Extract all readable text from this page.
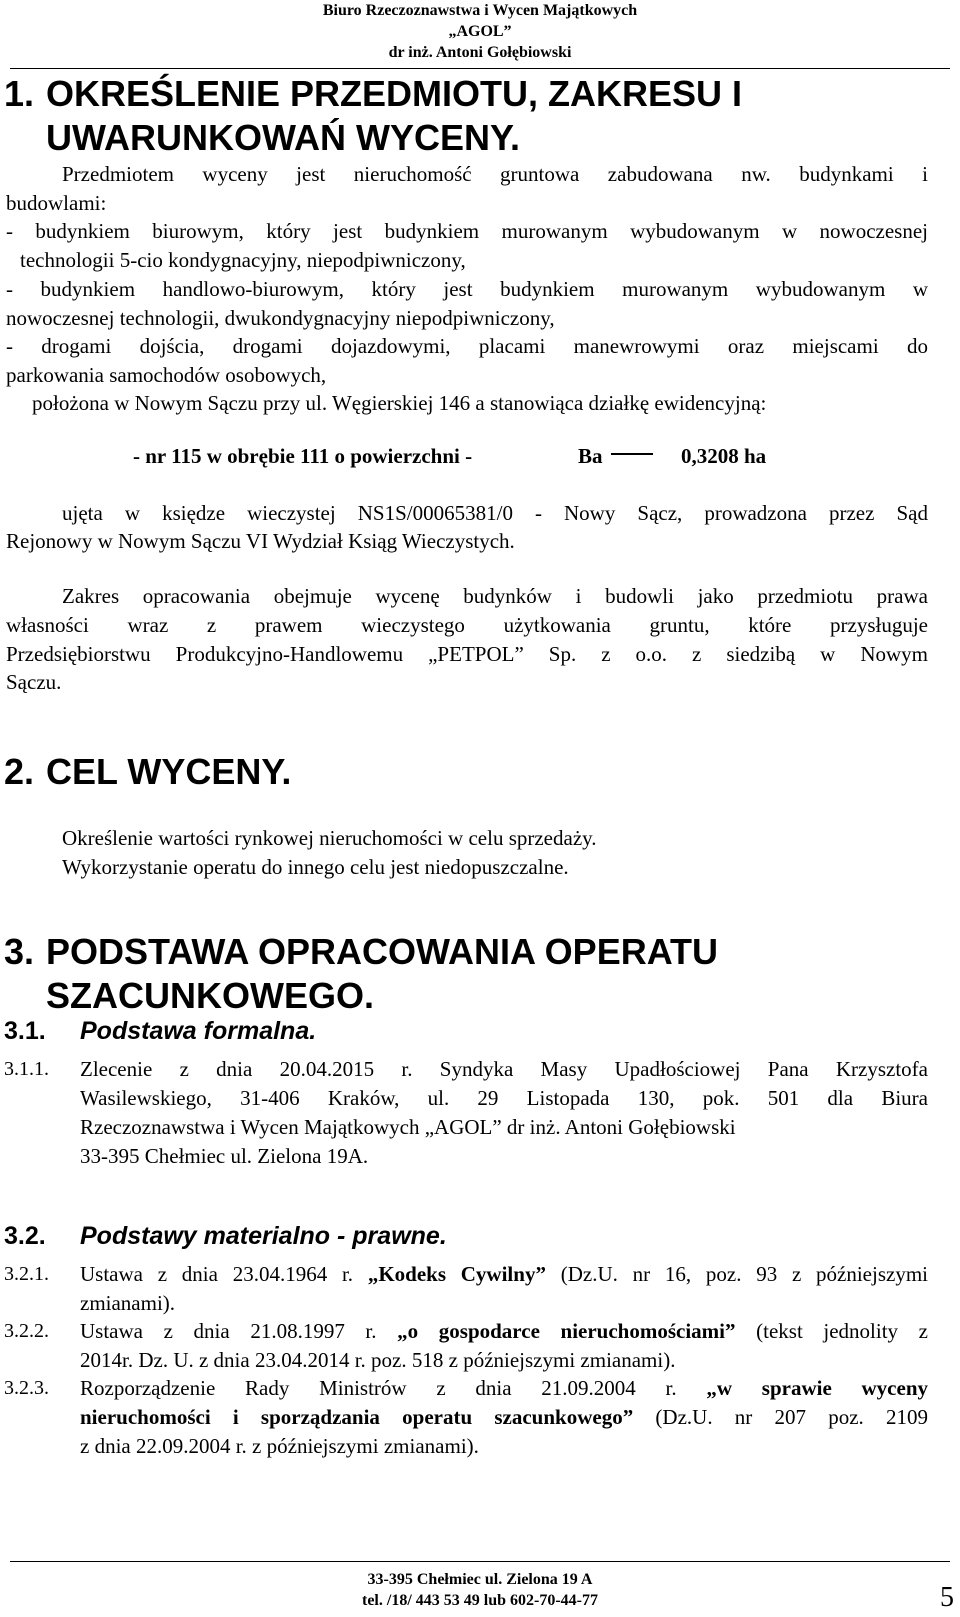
Biuro Rzeczoznawstwa i Wycen Majątkowych
„AGOL”
dr inż. Antoni Gołębiowski
1. OKREŚLENIE PRZEDMIOTU, ZAKRESU I
UWARUNKOWAŃ WYCENY.
Przedmiotem wyceny jest nieruchomość gruntowa zabudowana nw. budynkami i
budowlami:
- budynkiem biurowym, który jest budynkiem murowanym wybudowanym w nowoczesnej
technologii 5-cio kondygnacyjny, niepodpiwniczony,
- budynkiem handlowo-biurowym, który jest budynkiem murowanym wybudowanym w
nowoczesnej technologii, dwukondygnacyjny niepodpiwniczony,
- drogami dojścia, drogami dojazdowymi, placami manewrowymi oraz miejscami do
parkowania samochodów osobowych,
położona w Nowym Sączu przy ul. Węgierskiej 146 a stanowiąca działkę ewidencyjną:
- nr 115 w obrębie 111 o powierzchni -	Ba	0,3208 ha
ujęta w księdze wieczystej NS1S/00065381/0 - Nowy Sącz, prowadzona przez Sąd
Rejonowy w Nowym Sączu VI Wydział Ksiąg Wieczystych.
Zakres opracowania obejmuje wycenę budynków i budowli jako przedmiotu prawa
własności wraz z prawem wieczystego użytkowania gruntu, które przysługuje
Przedsiębiorstwu Produkcyjno-Handlowemu „PETPOL” Sp. z o.o. z siedzibą w Nowym
Sączu.
2. CEL WYCENY.
Określenie wartości rynkowej nieruchomości w celu sprzedaży.
Wykorzystanie operatu do innego celu jest niedopuszczalne.
3. PODSTAWA OPRACOWANIA OPERATU
SZACUNKOWEGO.
3.1. Podstawa formalna.
3.1.1. Zlecenie z dnia 20.04.2015 r. Syndyka Masy Upadłościowej Pana Krzysztofa
Wasilewskiego, 31-406 Kraków, ul. 29 Listopada 130, pok. 501 dla Biura
Rzeczoznawstwa i Wycen Majątkowych „AGOL” dr inż. Antoni Gołębiowski
33-395 Chełmiec ul. Zielona 19A.
3.2. Podstawy materialno - prawne.
3.2.1. Ustawa z dnia 23.04.1964 r. „Kodeks Cywilny” (Dz.U. nr 16, poz. 93 z późniejszymi
zmianami).
3.2.2. Ustawa z dnia 21.08.1997 r. „o gospodarce nieruchomościami” (tekst jednolity z
2014r. Dz. U. z dnia 23.04.2014 r. poz. 518 z późniejszymi zmianami).
3.2.3. Rozporządzenie Rady Ministrów z dnia 21.09.2004 r. „w sprawie wyceny
nieruchomości i sporządzania operatu szacunkowego” (Dz.U. nr 207 poz. 2109
z dnia 22.09.2004 r. z późniejszymi zmianami).
33-395 Chełmiec ul. Zielona 19 A
tel. /18/ 443 53 49 lub 602-70-44-77	5
